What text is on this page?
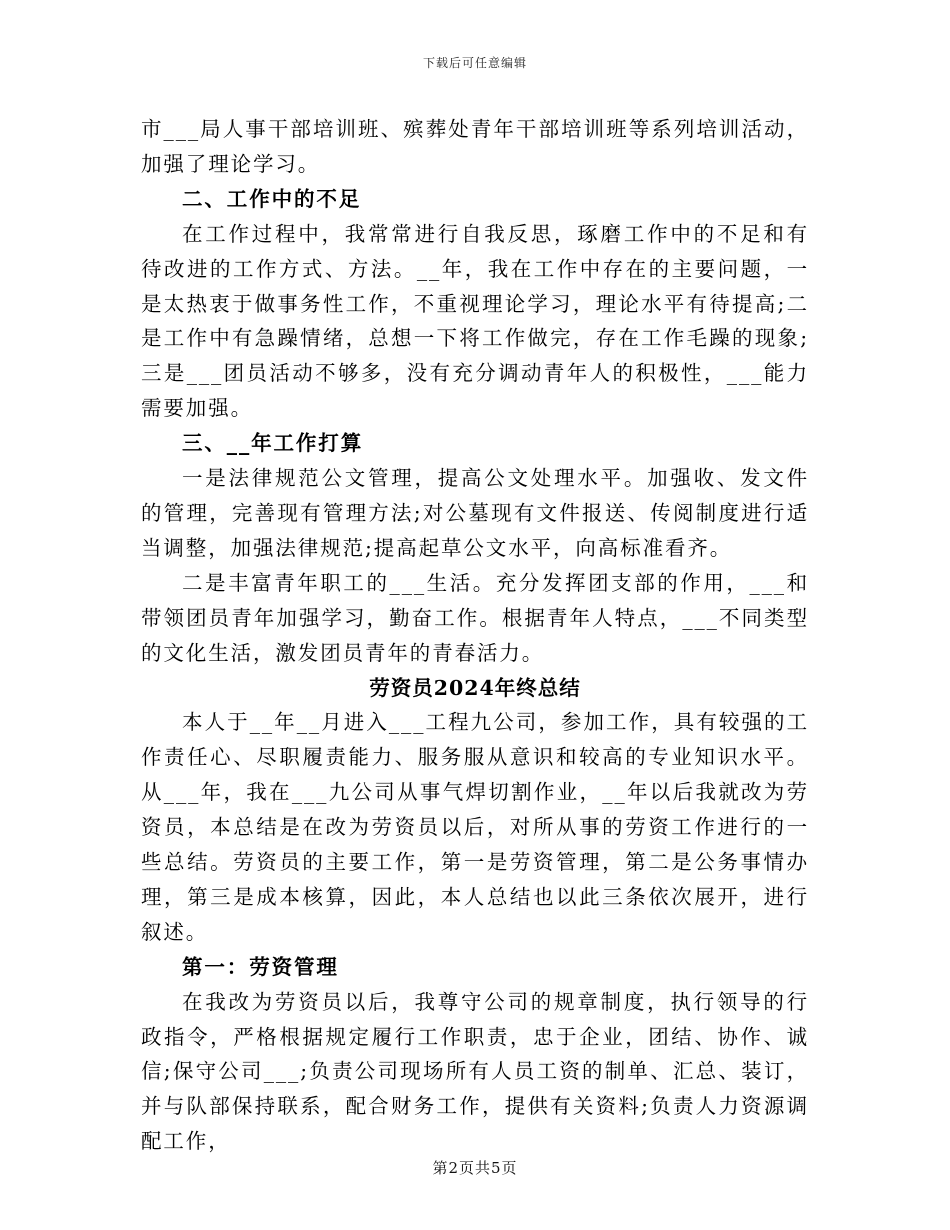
下载后可任意编辑

市___局人事干部培训班、殡葬处青年干部培训班等系列培训活动，加强了理论学习。

二、工作中的不足

在工作过程中，我常常进行自我反思，琢磨工作中的不足和有待改进的工作方式、方法。__年，我在工作中存在的主要问题，一是太热衷于做事务性工作，不重视理论学习，理论水平有待提高;二是工作中有急躁情绪，总想一下将工作做完，存在工作毛躁的现象;三是___团员活动不够多，没有充分调动青年人的积极性，___能力需要加强。

三、__年工作打算

一是法律规范公文管理，提高公文处理水平。加强收、发文件的管理，完善现有管理方法;对公墓现有文件报送、传阅制度进行适当调整，加强法律规范;提高起草公文水平，向高标准看齐。

二是丰富青年职工的___生活。充分发挥团支部的作用，___和带领团员青年加强学习，勤奋工作。根据青年人特点，___不同类型的文化生活，激发团员青年的青春活力。

劳资员2024年终总结

本人于__年__月进入___工程九公司，参加工作，具有较强的工作责任心、尽职履责能力、服务服从意识和较高的专业知识水平。从___年，我在___九公司从事气焊切割作业，__年以后我就改为劳资员，本总结是在改为劳资员以后，对所从事的劳资工作进行的一些总结。劳资员的主要工作，第一是劳资管理，第二是公务事情办理，第三是成本核算，因此，本人总结也以此三条依次展开，进行叙述。

第一：劳资管理

在我改为劳资员以后，我尊守公司的规章制度，执行领导的行政指令，严格根据规定履行工作职责，忠于企业，团结、协作、诚信;保守公司___;负责公司现场所有人员工资的制单、汇总、装订，并与队部保持联系，配合财务工作，提供有关资料;负责人力资源调配工作，

第2页共5页
